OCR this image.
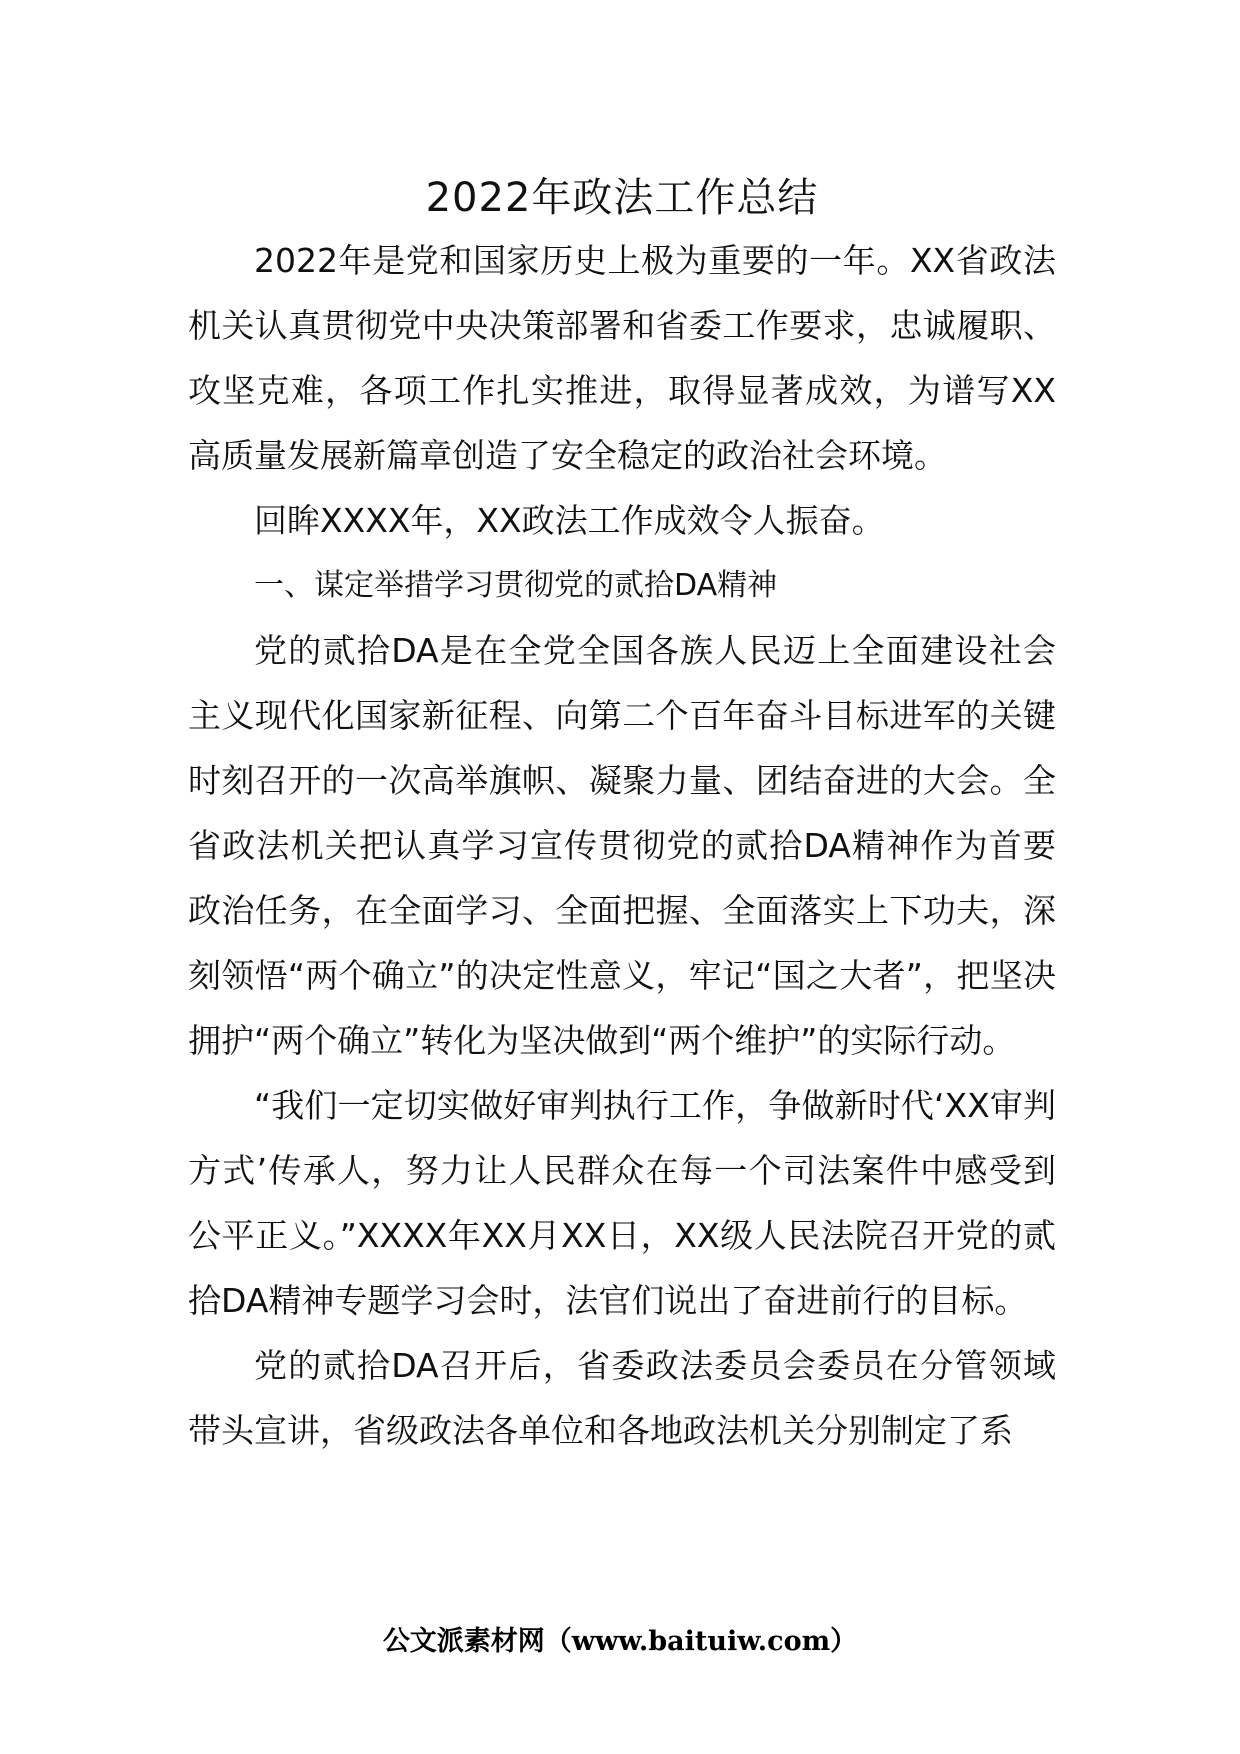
2022年政法工作总结

2022年是党和国家历史上极为重要的一年。XX省政法机关认真贯彻党中央决策部署和省委工作要求，忠诚履职、攻坚克难，各项工作扎实推进，取得显著成效，为谱写XX高质量发展新篇章创造了安全稳定的政治社会环境。

回眸XXXX年，XX政法工作成效令人振奋。

一、谋定举措学习贯彻党的贰拾DA精神

党的贰拾DA是在全党全国各族人民迈上全面建设社会主义现代化国家新征程、向第二个百年奋斗目标进军的关键时刻召开的一次高举旗帜、凝聚力量、团结奋进的大会。全省政法机关把认真学习宣传贯彻党的贰拾DA精神作为首要政治任务，在全面学习、全面把握、全面落实上下功夫，深刻领悟“两个确立”的决定性意义，牢记“国之大者”，把坚决拥护“两个确立”转化为坚决做到“两个维护”的实际行动。

“我们一定切实做好审判执行工作，争做新时代‘XX审判方式’传承人，努力让人民群众在每一个司法案件中感受到公平正义。”XXXX年XX月XX日，XX级人民法院召开党的贰拾DA精神专题学习会时，法官们说出了奋进前行的目标。

党的贰拾DA召开后，省委政法委员会委员在分管领域带头宣讲，省级政法各单位和各地政法机关分别制定了系

公文派素材网（www.baituiw.com）
